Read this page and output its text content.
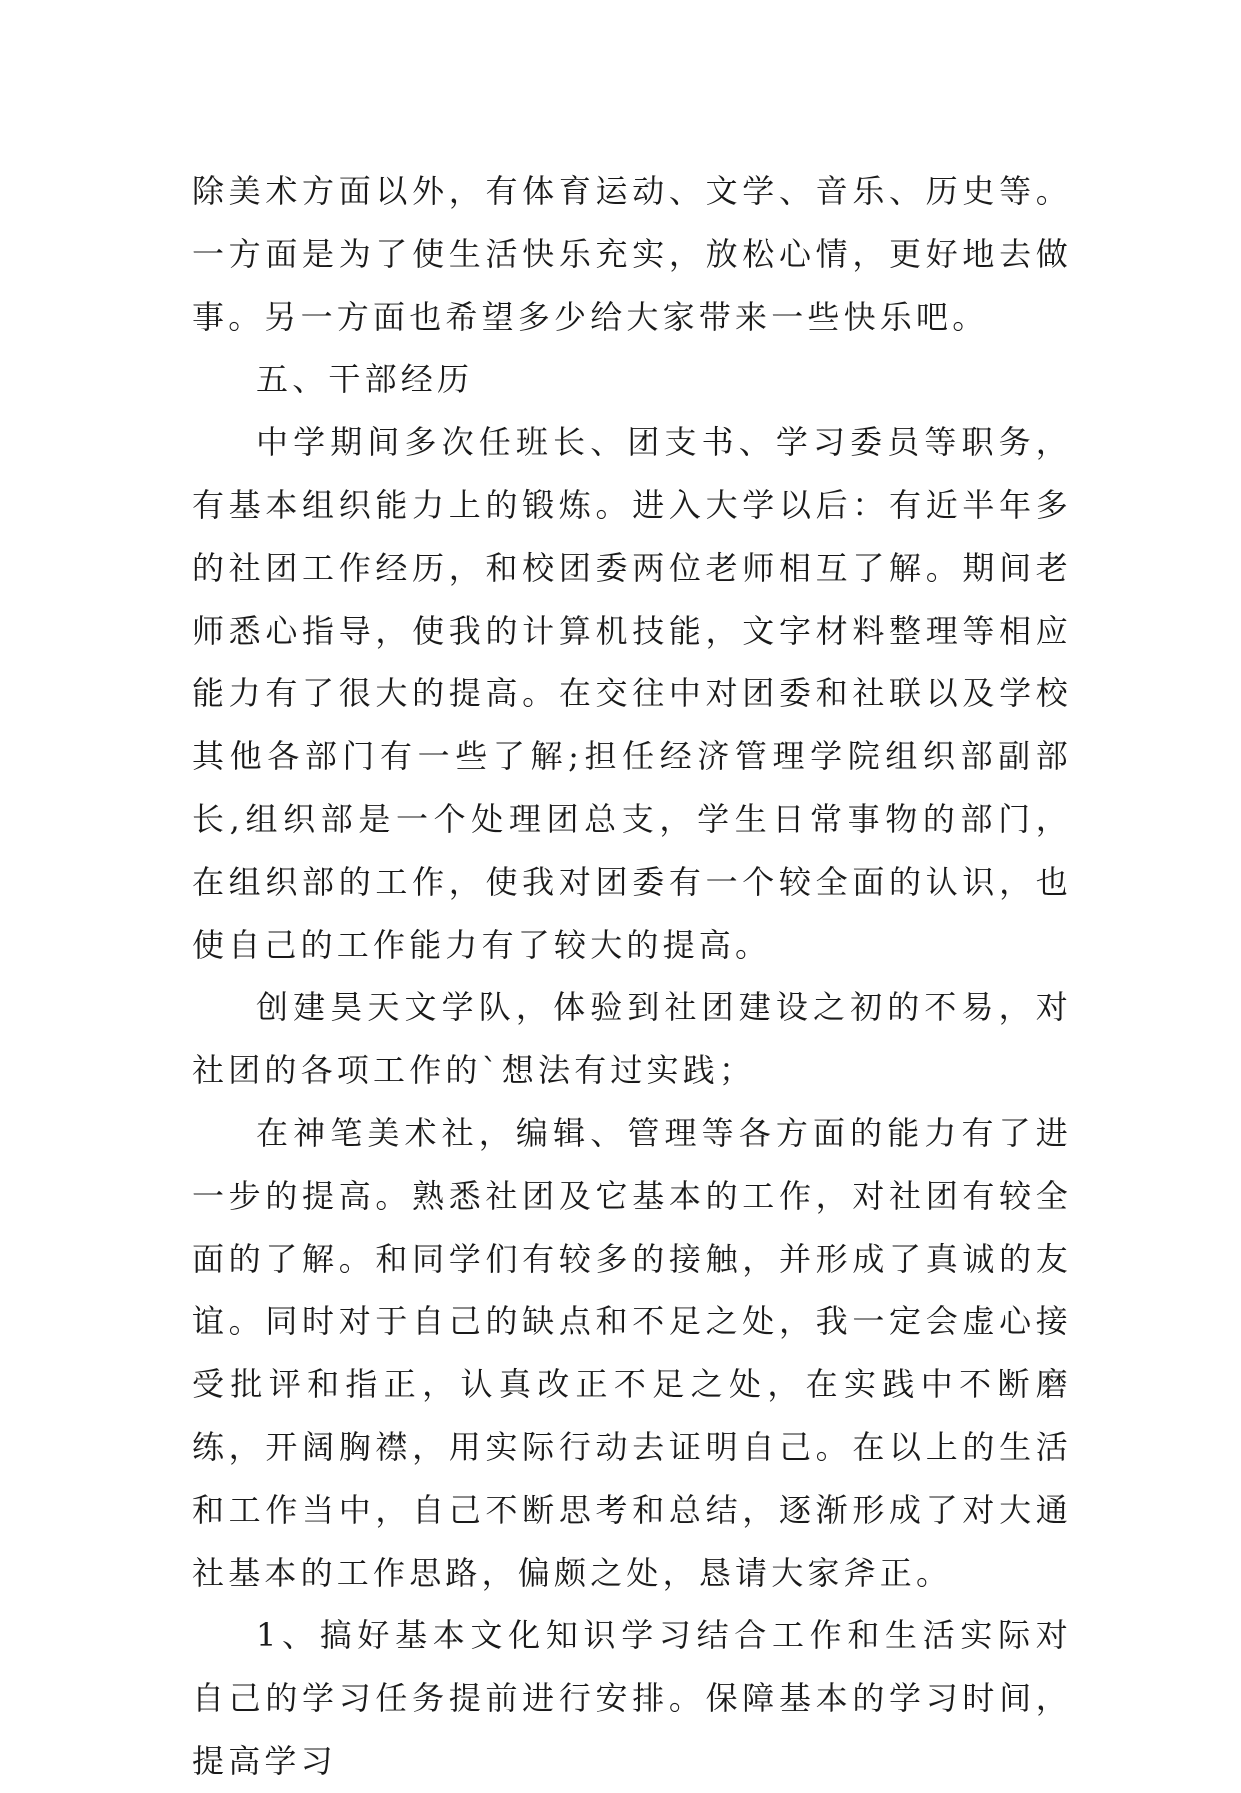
除美术方面以外，有体育运动、文学、音乐、历史等。一方面是为了使生活快乐充实，放松心情，更好地去做事。另一方面也希望多少给大家带来一些快乐吧。

五、干部经历

中学期间多次任班长、团支书、学习委员等职务，有基本组织能力上的锻炼。进入大学以后：有近半年多的社团工作经历，和校团委两位老师相互了解。期间老师悉心指导，使我的计算机技能，文字材料整理等相应能力有了很大的提高。在交往中对团委和社联以及学校其他各部门有一些了解;担任经济管理学院组织部副部长,组织部是一个处理团总支，学生日常事物的部门，在组织部的工作，使我对团委有一个较全面的认识，也使自己的工作能力有了较大的提高。

创建昊天文学队，体验到社团建设之初的不易，对社团的各项工作的`想法有过实践；

在神笔美术社，编辑、管理等各方面的能力有了进一步的提高。熟悉社团及它基本的工作，对社团有较全面的了解。和同学们有较多的接触，并形成了真诚的友谊。同时对于自己的缺点和不足之处，我一定会虚心接受批评和指正，认真改正不足之处，在实践中不断磨练，开阔胸襟，用实际行动去证明自己。在以上的生活和工作当中，自己不断思考和总结，逐渐形成了对大通社基本的工作思路，偏颇之处，恳请大家斧正。

1、搞好基本文化知识学习结合工作和生活实际对自己的学习任务提前进行安排。保障基本的学习时间，提高学习
